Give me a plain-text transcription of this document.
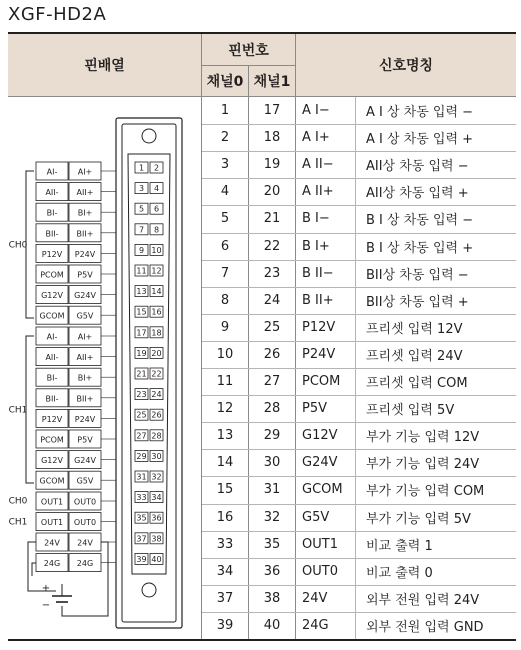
XGF-HD2A
핀배열
핀번호
채널0 채널1
신호명칭
1	17	A I−	A I 상 차동 입력 −
2	18	A I+	A I 상 차동 입력 +
3	19	A II−	AII상 차동 입력 −
4	20	A II+	AII상 차동 입력 +
5	21	B I−	B I 상 차동 입력 −
6	22	B I+	B I 상 차동 입력 +
7	23	B II−	BII상 차동 입력 −
8	24	B II+	BII상 차동 입력 +
9	25	P12V	프리셋 입력 12V
10	26	P24V	프리셋 입력 24V
11	27	PCOM	프리셋 입력 COM
12	28	P5V	프리셋 입력 5V
13	29	G12V	부가 기능 입력 12V
14	30	G24V	부가 기능 입력 24V
15	31	GCOM	부가 기능 입력 COM
16	32	G5V	부가 기능 입력 5V
33	35	OUT1	비교 출력 1
34	36	OUT0	비교 출력 0
37	38	24V	외부 전원 입력 24V
39	40	24G	외부 전원 입력 GND
1 2
3 4
5 6
7 8
9 10
11 12
13 14
15 16
17 18
19 20
21 22
23 24
25 26
27 28
29 30
31 32
33 34
35 36
37 38
39 40
AI-	AI+
AII- AII+
BI-	BI+
BII- BII+
P12V P24V
PCOM P5V
G12V G24V
GCOM G5V
AI-	AI+
AII- AII+
BI-	BI+
BII- BII+
P12V P24V
PCOM P5V
G12V G24V
GCOM G5V
OUT1 OUT0
OUT1 OUT0
24V 24V
24G 24G
CH0
CH1
CH0
CH1
+
−
